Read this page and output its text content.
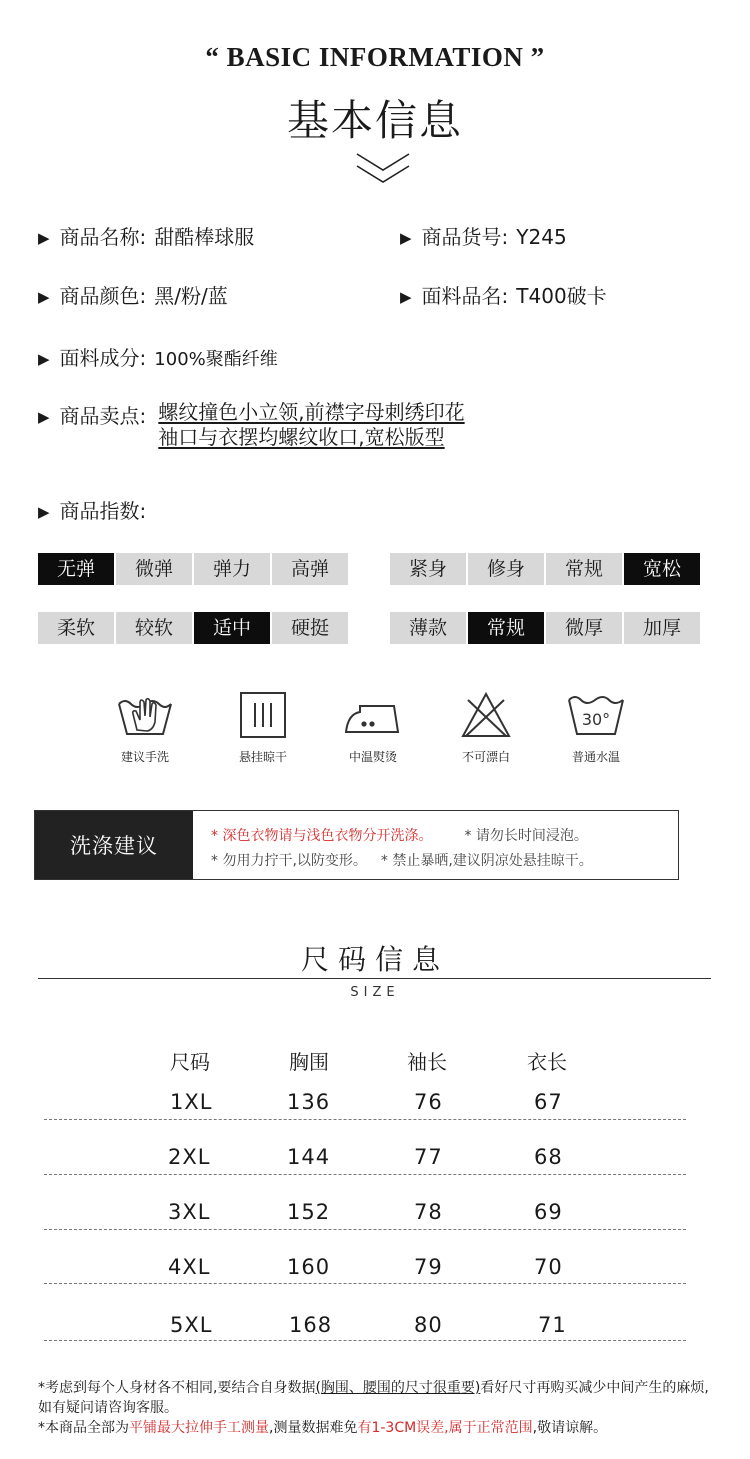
“ BASIC INFORMATION ”
基本信息
▶ 商品名称: 甜酷棒球服	▶ 商品货号: Y245
▶ 商品颜色: 黑/粉/蓝	▶ 面料品名: T400破卡
▶ 面料成分: 100%聚酯纤维
▶ 商品卖点: 螺纹撞色小立领,前襟字母刺绣印花
袖口与衣摆均螺纹收口,宽松版型
▶ 商品指数:
无弹	微弹	弹力	高弹	紧身	修身	常规	宽松
柔软	较软	适中	硬挺	薄款	常规	微厚	加厚
建议手洗	悬挂晾干	中温熨烫	不可漂白
30°
普通水温
洗涤建议	* 深色衣物请与浅色衣物分开洗涤。 * 请勿长时间浸泡。
* 勿用力拧干,以防变形。 * 禁止暴晒,建议阴凉处悬挂晾干。
尺码信息
SIZE
尺码	胸围	袖长	衣长
1XL	136	76	67
2XL	144	77	68
3XL	152	78	69
4XL	160	79	70
5XL	168	80	71
*考虑到每个人身材各不相同,要结合自身数据(胸围、腰围的尺寸很重要)看好尺寸再购买减少中间产生的麻烦,如有疑问请咨询客服。
*本商品全部为平铺最大拉伸手工测量,测量数据难免有1-3CM误差,属于正常范围,敬请谅解。
